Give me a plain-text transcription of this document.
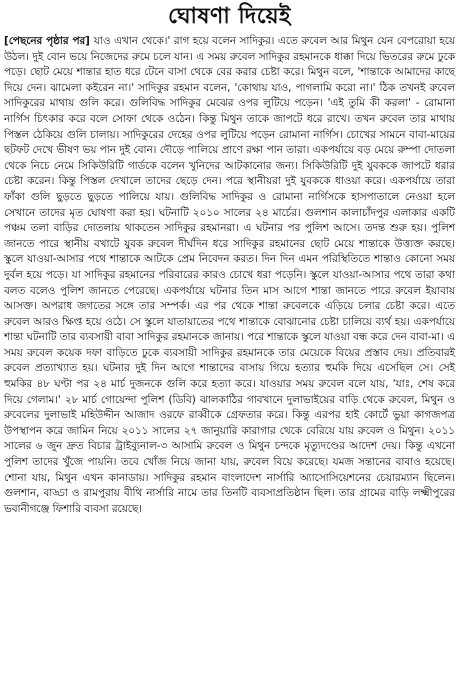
ঘোষণা দিয়েই

[পেছনের পৃষ্ঠার পর] যাও এখান থেকে।' রাগ হয়ে বলেন সাদিকুর। এতে রুবেল আর মিথুন যেন বেপরোয়া হয়ে উঠল। দুই বোন ভয়ে নিজেদের রুমে চলে যান। এ সময় রুবেল সাদিকুর রহমানকে ধাক্কা দিয়ে ভিতরের রুমে ঢুকে পড়ে। ছোট মেয়ে শান্তার হাত ধরে টেনে বাসা থেকে বের করার চেষ্টা করে। মিথুন বলে, 'শান্তাকে আমাদের কাছে দিয়ে দেন। ঝামেলা কইরেন না।' সাদিকুর রহমান বলেন, 'কোথায় যাও, পাগলামি করো না।' ঠিক তখনই রুবেল সাদিকুরের মাথায় গুলি করে। গুলিবিদ্ধ সাদিকুর মেঝের ওপর লুটিয়ে পড়েন। 'এই তুমি কী করলা' - রোমানা নার্গিস চিৎকার করে বলে সোফা থেকে ওঠেন। কিন্তু মিথুন তাকে জাপটে ধরে রাখে। তখন রুবেল তার মাথায় পিস্তল ঠেকিয়ে গুলি চালায়। সাদিকুরের দেহের ওপর লুটিয়ে পড়েন রোমানা নার্গিস। চোখের সামনে বাবা-মায়ের ছটফট দেখে ভীষণ ভয় পান দুই বোন। দৌড়ে পালিয়ে প্রাণে রক্ষা পান তারা। একপর্যায়ে বড় মেয়ে রুম্পা দোতলা থেকে নিচে নেমে সিকিউরিটি গার্ডকে বলেন খুনিদের আটকানোর জন্য। সিকিউরিটি দুই যুবককে জাপটে ধরার চেষ্টা করেন। কিন্তু পিস্তল দেখালে তাদের ছেড়ে দেন। পরে স্থানীয়রা দুই যুবককে ধাওয়া করে। একপর্যায়ে তারা ফাঁকা গুলি ছুড়তে ছুড়তে পালিয়ে যায়। গুলিবিদ্ধ সাদিকুর ও রোমানা নার্গিসকে হাসপাতালে নেওয়া হলে সেখানে তাদের মৃত ঘোষণা করা হয়। ঘটনাটি ২০১০ সালের ২৪ মার্চের। গুলশান কালাচাঁদপুর এলাকার একটি পঞ্চম তলা বাড়ির দোতলায় থাকতেন সাদিকুর রহমানরা। এ ঘটনার পর পুলিশ আসে। তদন্ত শুরু হয়। পুলিশ জানতে পারে স্থানীয় বখাটে যুবক রুবেল দীর্ঘদিন ধরে সাদিকুর রহমানের ছোট মেয়ে শান্তাকে উত্ত্যক্ত করছে। স্কুলে যাওয়া-আসার পথে শান্তাকে আটকে প্রেম নিবেদন করত। দিন দিন এমন পরিস্থিতিতে শান্তাও কোনো সময় দুর্বল হয়ে পড়ে। যা সাদিকুর রহমানের পরিবারের কারও চোখে ধরা পড়েনি। স্কুলে যাওয়া-আসার পথে তারা কথা বলত বলেও পুলিশ জানতে পেরেছে। একপর্যায়ে ঘটনার তিন মাস আগে শান্তা জানতে পারে রুবেল ইয়াবায় আসক্ত। অপরাধ জগতের সঙ্গে তার সম্পর্ক। এর পর থেকে শান্তা রুবেলকে এড়িয়ে চলার চেষ্টা করে। এতে রুবেল আরও ক্ষিপ্ত হয়ে ওঠে। সে স্কুলে যাতায়াতের পথে শান্তাকে বোঝানোর চেষ্টা চালিয়ে ব্যর্থ হয়। একপর্যায়ে শান্তা ঘটনাটি তার ব্যবসায়ী বাবা সাদিকুর রহমানকে জানায়। পরে শান্তাকে স্কুলে যাওয়া বন্ধ করে দেন বাবা-মা। এ সময় রুবেল কয়েক দফা বাড়িতে ঢুকে ব্যবসায়ী সাদিকুর রহমানকে তার মেয়েকে বিয়ের প্রস্তাব দেয়। প্রতিবারই রুবেল প্রত্যাখ্যাত হয়। ঘটনার দুই দিন আগে শান্তাদের বাসায় গিয়ে হত্যার হুমকি দিয়ে এসেছিল সে। সেই হুমকির ৪৮ ঘণ্টা পর ২৪ মার্চ দুজনকে গুলি করে হত্যা করে। যাওয়ার সময় রুবেল বলে যায়, 'যাঃ, শেষ করে দিয়ে গেলাম।' ২৮ মার্চ গোয়েন্দা পুলিশ (ডিবি) ঝালকাঠির গাবখানে দুলাভাইয়ের বাড়ি থেকে রুবেল, মিথুন ও রুবেলের দুলাভাই মহিউদ্দীন আজাদ ওরফে রাব্বীকে গ্রেফতার করে। কিন্তু এরপর হাই কোর্টে ভুয়া কাগজপত্র উপস্থাপন করে জামিন নিয়ে ২০১১ সালের ২৭ জানুয়ারি কারাগার থেকে বেরিয়ে যায় রুবেল ও মিথুন। ২০১১ সালের ৬ জুন দ্রুত বিচার ট্রাইব্যুনাল-৩ আসামি রুবেল ও মিথুন চন্দকে মৃত্যুদণ্ডের আদেশ দেয়। কিন্তু এখনো পুলিশ তাদের খুঁজে পায়নি। তবে খোঁজ নিয়ে জানা যায়, রুবেল বিয়ে করেছে। যমজ সন্তানের বাবাও হয়েছে। শোনা যায়, মিথুন এখন কানাডায়। সাদিকুর রহমান বাংলাদেশ নার্সারি অ্যাসোসিয়েশনের চেয়ারম্যান ছিলেন। গুলশান, বাড্ডা ও রামপুরায় বীথি নার্সারি নামে তার তিনটি ব্যবসাপ্রতিষ্ঠান ছিল। তার গ্রামের বাড়ি লক্ষ্মীপুরের ভবানীগঞ্জে ফিশারি ব্যবসা রয়েছে।
